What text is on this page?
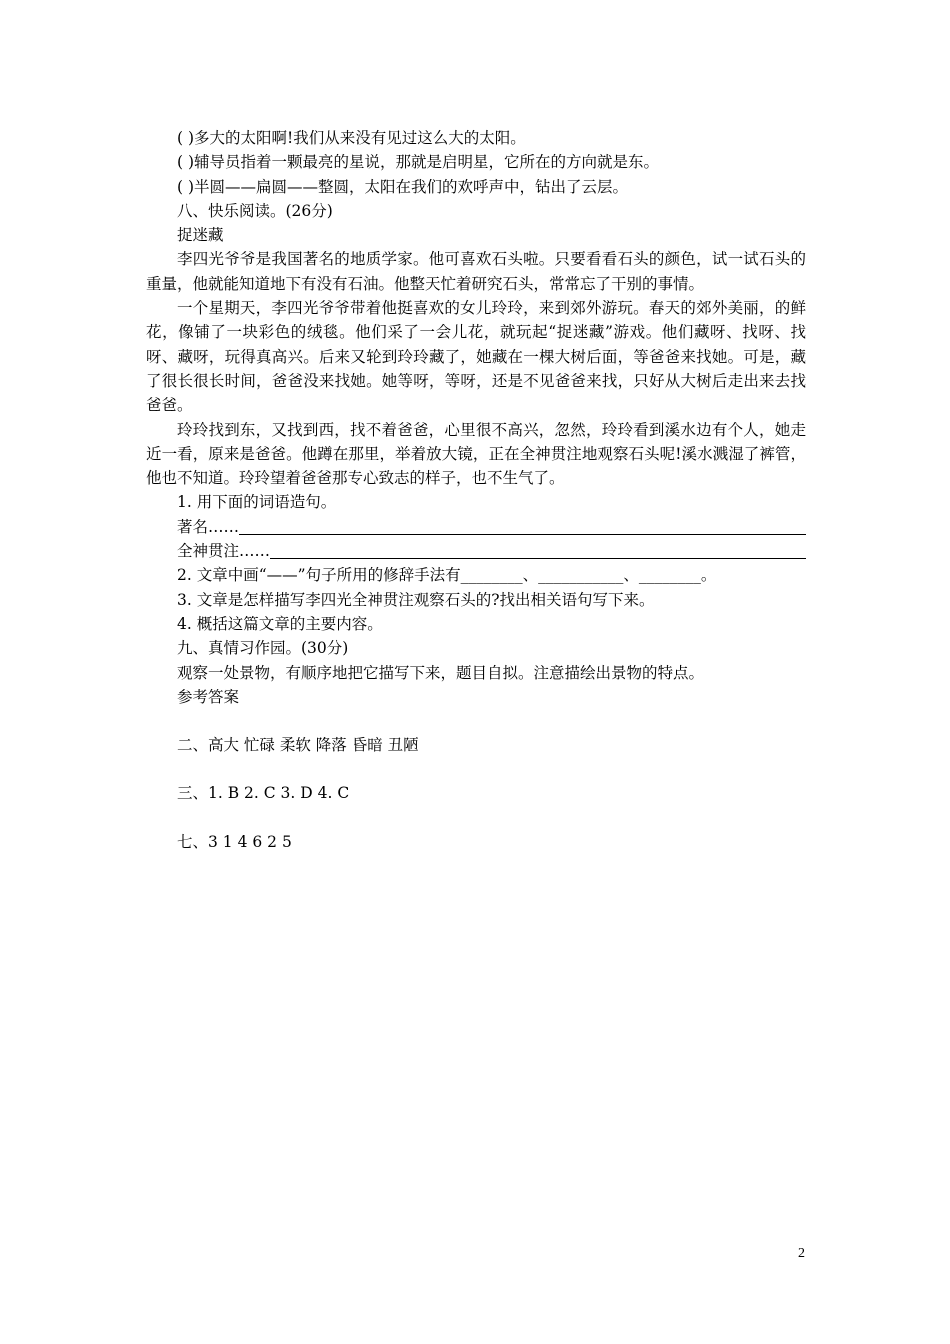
( )多大的太阳啊!我们从来没有见过这么大的太阳。
( )辅导员指着一颗最亮的星说，那就是启明星，它所在的方向就是东。
( )半圆——扁圆——整圆，太阳在我们的欢呼声中，钻出了云层。
八、快乐阅读。(26分)
捉迷藏
李四光爷爷是我国著名的地质学家。他可喜欢石头啦。只要看看石头的颜色，试一试石头的重量，他就能知道地下有没有石油。他整天忙着研究石头，常常忘了干别的事情。
一个星期天，李四光爷爷带着他挺喜欢的女儿玲玲，来到郊外游玩。春天的郊外美丽，的鲜花，像铺了一块彩色的绒毯。他们采了一会儿花，就玩起“捉迷藏”游戏。他们藏呀、找呀、找呀、藏呀，玩得真高兴。后来又轮到玲玲藏了，她藏在一棵大树后面，等爸爸来找她。可是，藏了很长很长时间，爸爸没来找她。她等呀，等呀，还是不见爸爸来找，只好从大树后走出来去找爸爸。
玲玲找到东，又找到西，找不着爸爸，心里很不高兴，忽然，玲玲看到溪水边有个人，她走近一看，原来是爸爸。他蹲在那里，举着放大镜，正在全神贯注地观察石头呢!溪水溅湿了裤管，他也不知道。玲玲望着爸爸那专心致志的样子，也不生气了。
1. 用下面的词语造句。
著名……
全神贯注……
2. 文章中画“——”句子所用的修辞手法有________、___________、________。
3. 文章是怎样描写李四光全神贯注观察石头的?找出相关语句写下来。
4. 概括这篇文章的主要内容。
九、真情习作园。(30分)
观察一处景物，有顺序地把它描写下来，题目自拟。注意描绘出景物的特点。
参考答案
二、高大 忙碌 柔软 降落 昏暗 丑陋
三、1. B 2. C 3. D 4. C
七、3 1 4 6 2 5
2
